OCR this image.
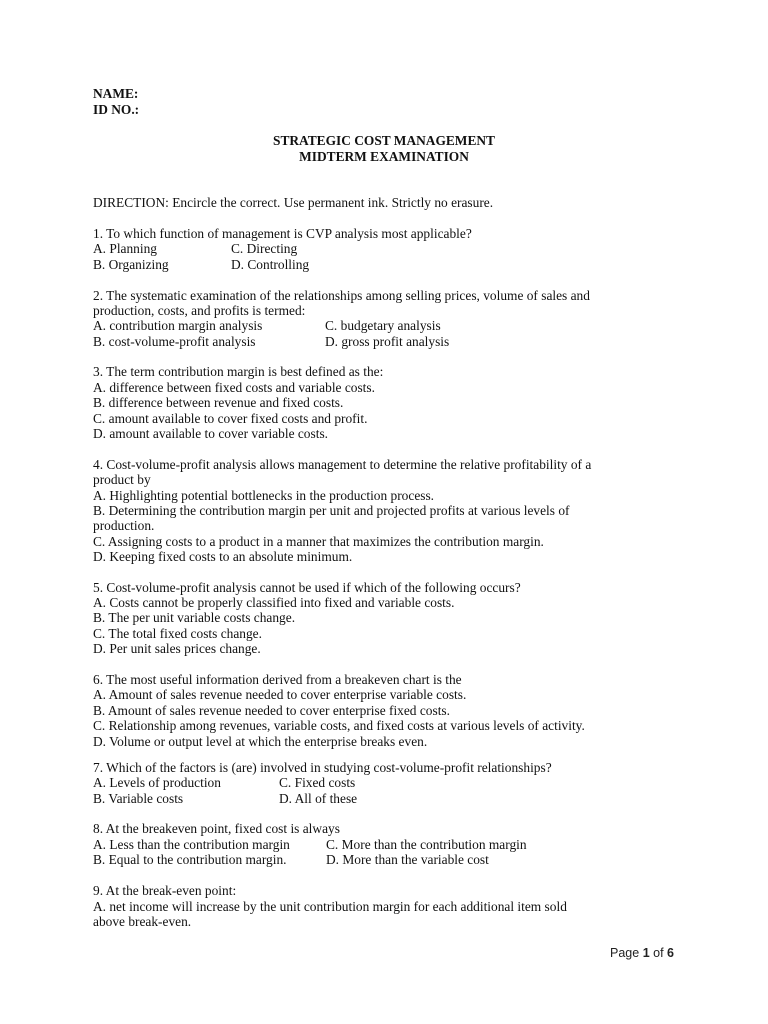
NAME:
ID NO.:
STRATEGIC COST MANAGEMENT
MIDTERM EXAMINATION
DIRECTION: Encircle the correct. Use permanent ink. Strictly no erasure.
1. To which function of management is CVP analysis most applicable?
A. Planning	C. Directing
B. Organizing	D. Controlling
2. The systematic examination of the relationships among selling prices, volume of sales and
production, costs, and profits is termed:
A. contribution margin analysis	C. budgetary analysis
B. cost-volume-profit analysis	D. gross profit analysis
3. The term contribution margin is best defined as the:
A. difference between fixed costs and variable costs.
B. difference between revenue and fixed costs.
C. amount available to cover fixed costs and profit.
D. amount available to cover variable costs.
4. Cost-volume-profit analysis allows management to determine the relative profitability of a
product by
A. Highlighting potential bottlenecks in the production process.
B. Determining the contribution margin per unit and projected profits at various levels of
production.
C. Assigning costs to a product in a manner that maximizes the contribution margin.
D. Keeping fixed costs to an absolute minimum.
5. Cost-volume-profit analysis cannot be used if which of the following occurs?
A. Costs cannot be properly classified into fixed and variable costs.
B. The per unit variable costs change.
C. The total fixed costs change.
D. Per unit sales prices change.
6. The most useful information derived from a breakeven chart is the
A. Amount of sales revenue needed to cover enterprise variable costs.
B. Amount of sales revenue needed to cover enterprise fixed costs.
C. Relationship among revenues, variable costs, and fixed costs at various levels of activity.
D. Volume or output level at which the enterprise breaks even.
7. Which of the factors is (are) involved in studying cost-volume-profit relationships?
A. Levels of production	C. Fixed costs
B. Variable costs	D. All of these
8. At the breakeven point, fixed cost is always
A. Less than the contribution margin	C. More than the contribution margin
B. Equal to the contribution margin.	D. More than the variable cost
9. At the break-even point:
A. net income will increase by the unit contribution margin for each additional item sold
above break-even.
Page 1 of 6
